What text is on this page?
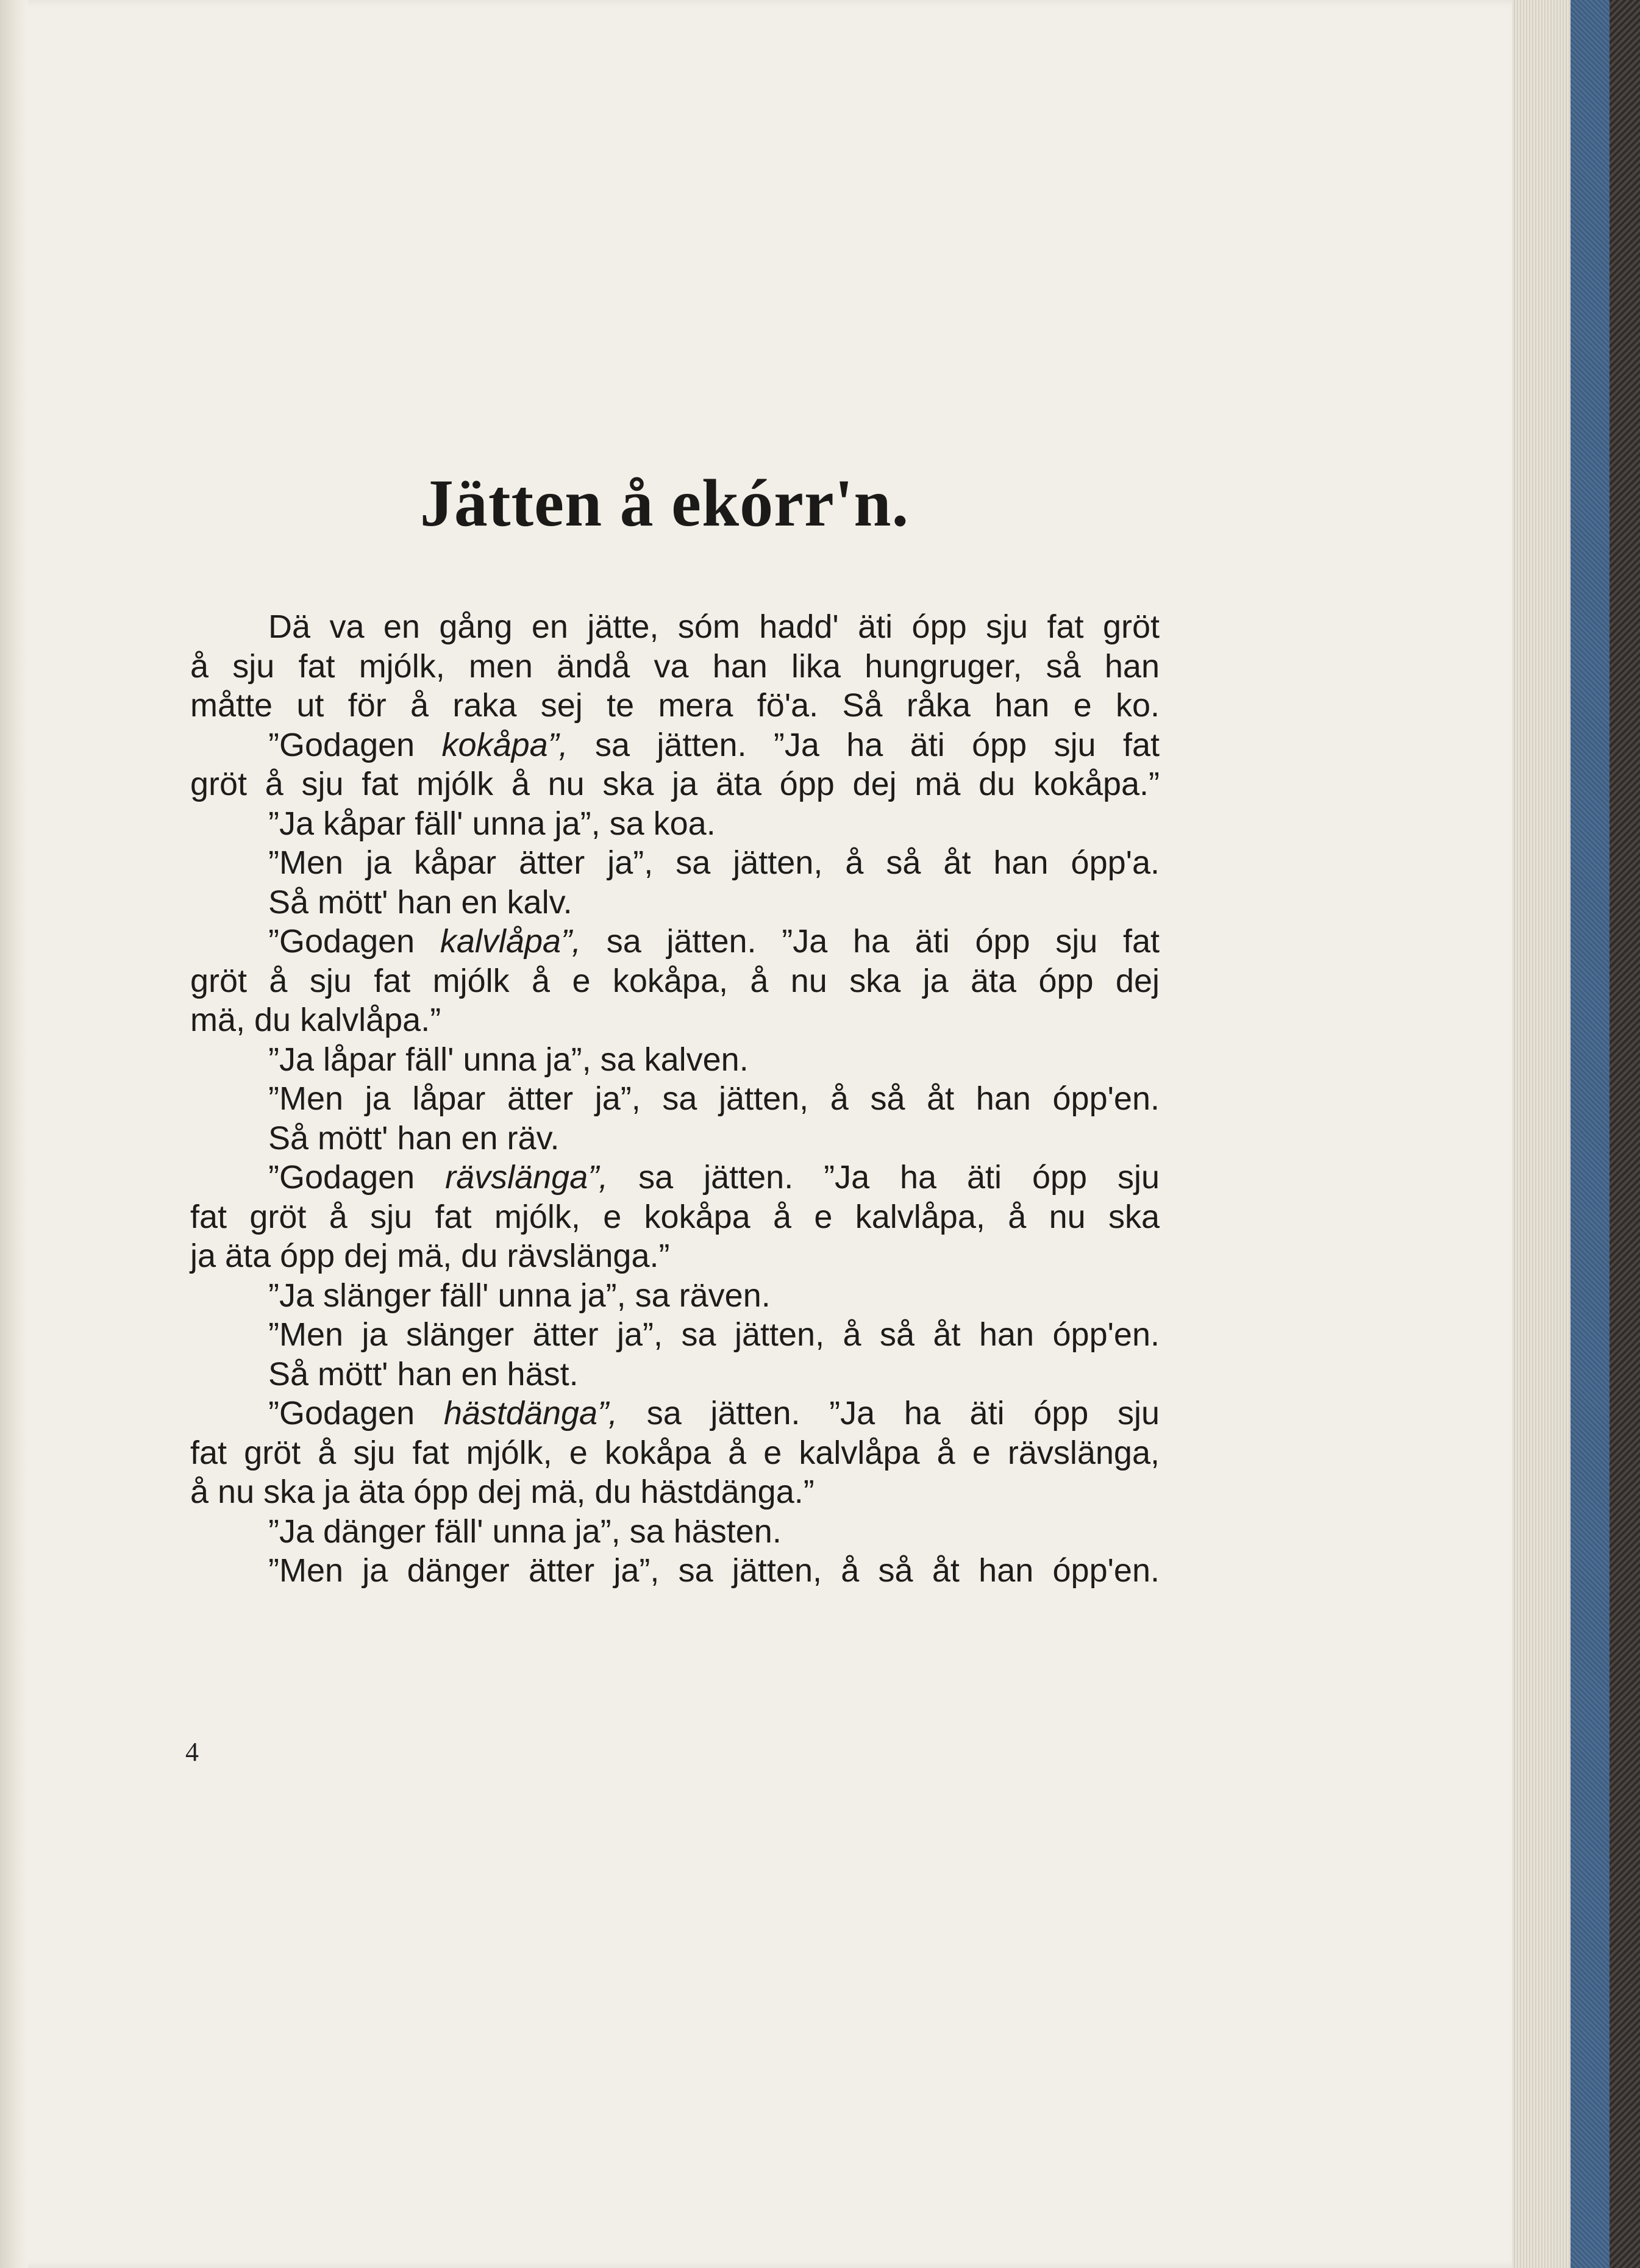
Jätten å ekórr'n.
Dä va en gång en jätte, sóm hadd' äti ópp sju fat gröt
å sju fat mjólk, men ändå va han lika hungruger, så han
måtte ut för å raka sej te mera fö'a. Så råka han e ko.
”Godagen kokåpa”, sa jätten. ”Ja ha äti ópp sju fat
gröt å sju fat mjólk å nu ska ja äta ópp dej mä du kokåpa.”
”Ja kåpar fäll' unna ja”, sa koa.
”Men ja kåpar ätter ja”, sa jätten, å så åt han ópp'a.
Så mött' han en kalv.
”Godagen kalvlåpa”, sa jätten. ”Ja ha äti ópp sju fat
gröt å sju fat mjólk å e kokåpa, å nu ska ja äta ópp dej
mä, du kalvlåpa.”
”Ja låpar fäll' unna ja”, sa kalven.
”Men ja låpar ätter ja”, sa jätten, å så åt han ópp'en.
Så mött' han en räv.
”Godagen rävslänga”, sa jätten. ”Ja ha äti ópp sju
fat gröt å sju fat mjólk, e kokåpa å e kalvlåpa, å nu ska
ja äta ópp dej mä, du rävslänga.”
”Ja slänger fäll' unna ja”, sa räven.
”Men ja slänger ätter ja”, sa jätten, å så åt han ópp'en.
Så mött' han en häst.
”Godagen hästdänga”, sa jätten. ”Ja ha äti ópp sju
fat gröt å sju fat mjólk, e kokåpa å e kalvlåpa å e rävslänga,
å nu ska ja äta ópp dej mä, du hästdänga.”
”Ja dänger fäll' unna ja”, sa hästen.
”Men ja dänger ätter ja”, sa jätten, å så åt han ópp'en.
4
